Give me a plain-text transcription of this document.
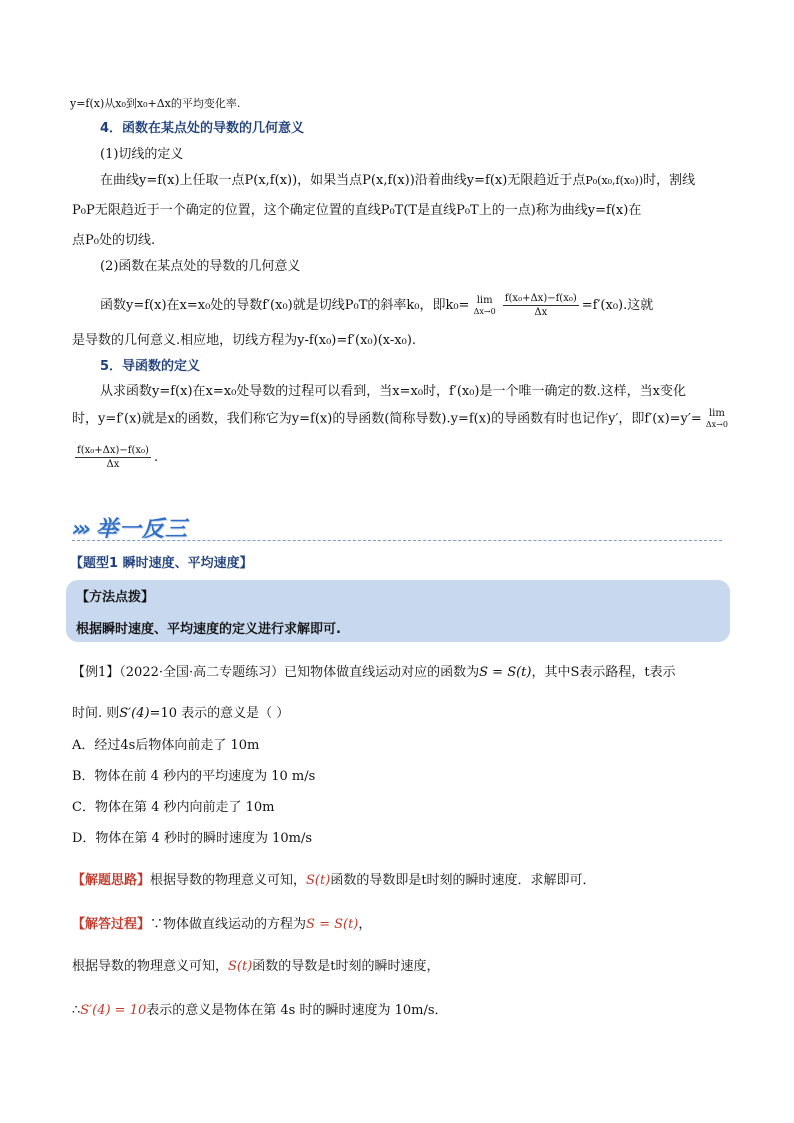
y=f(x)从x₀到x₀+Δx的平均变化率.
4．函数在某点处的导数的几何意义
(1)切线的定义
在曲线y=f(x)上任取一点P(x,f(x))，如果当点P(x,f(x))沿着曲线y=f(x)无限趋近于点P₀(x₀,f(x₀))时，割线
P₀P无限趋近于一个确定的位置，这个确定位置的直线P₀T(T是直线P₀T上的一点)称为曲线y=f(x)在
点P₀处的切线.
(2)函数在某点处的导数的几何意义
函数y=f(x)在x=x₀处的导数f′(x₀)就是切线P₀T的斜率k₀，即k₀= lim
Δx→0
$\frac{\text{f(x₀+Δx)−f(x₀)}}{\Delta x} =f'(x_0)$.这就
是导数的几何意义.相应地，切线方程为y-f(x₀)=f′(x₀)(x-x₀).
5．导函数的定义
从求函数y=f(x)在x=x₀处导数的过程可以看到，当x=x₀时，f′(x₀)是一个唯一确定的数.这样，当x变化
时，y=f′(x)就是x的函数，我们称它为y=f(x)的导函数(简称导数).y=f(x)的导函数有时也记作y′，即f′(x)=y′= lim
Δx→0
$\frac{\text{f(x₀+Δx)−f(x₀)}}{\Delta x}$ .
››› 举一反三
【题型1 瞬时速度、平均速度】
【方法点拨】
根据瞬时速度、平均速度的定义进行求解即可.
【例1】（2022·全国·高二专题练习）已知物体做直线运动对应的函数为S = S(t)，其中S表示路程，t表示
时间. 则S′(4)=10 表示的意义是（ ）
A．经过4s后物体向前走了 10m
B．物体在前 4 秒内的平均速度为 10 m/s
C．物体在第 4 秒内向前走了 10m
D．物体在第 4 秒时的瞬时速度为 10m/s
【解题思路】根据导数的物理意义可知，S(t)函数的导数即是t时刻的瞬时速度．求解即可．
【解答过程】∵物体做直线运动的方程为S = S(t)，
根据导数的物理意义可知，S(t)函数的导数是t时刻的瞬时速度，
∴S′(4) = 10表示的意义是物体在第 4s 时的瞬时速度为 10m/s．
